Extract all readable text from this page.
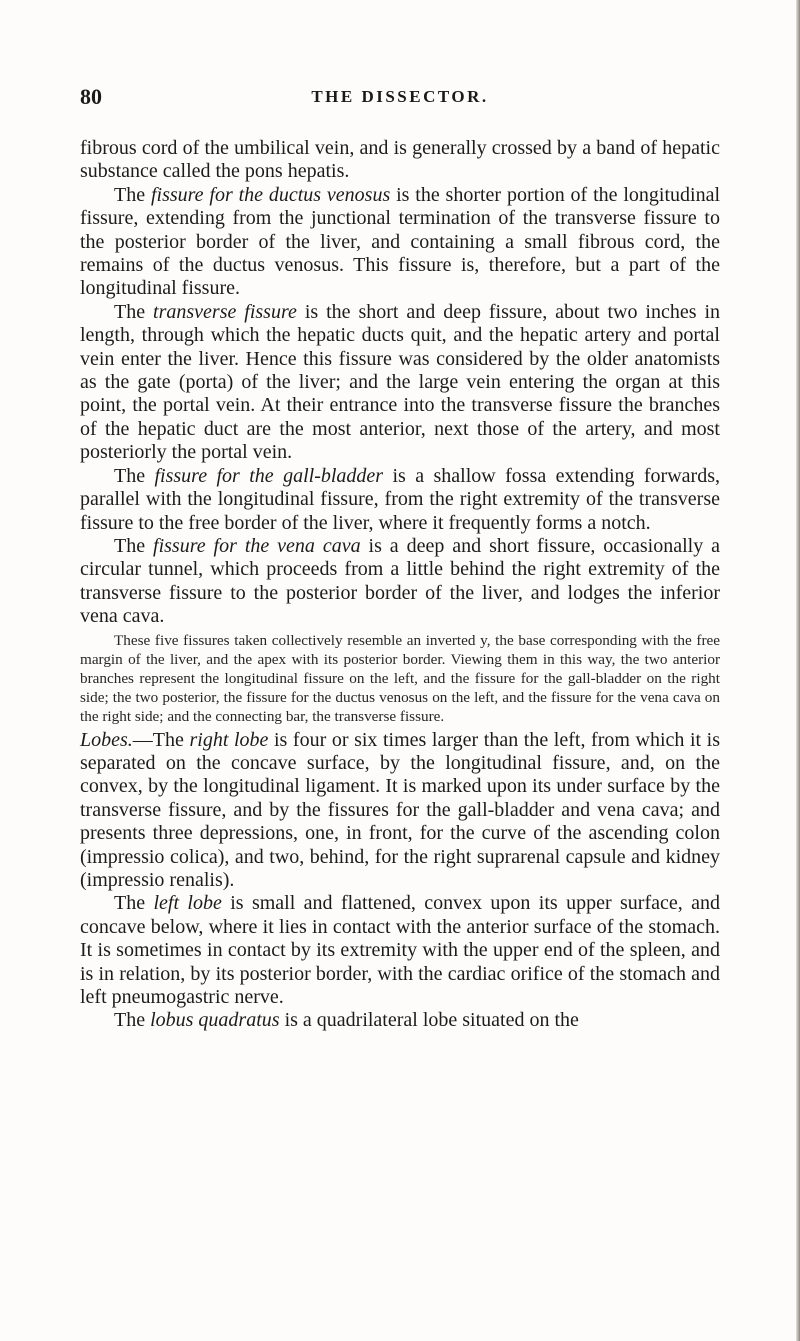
80	THE DISSECTOR.

fibrous cord of the umbilical vein, and is generally crossed by a band of hepatic substance called the pons hepatis.

The fissure for the ductus venosus is the shorter portion of the longitudinal fissure, extending from the junctional termination of the transverse fissure to the posterior border of the liver, and containing a small fibrous cord, the remains of the ductus venosus. This fissure is, therefore, but a part of the longitudinal fissure.

The transverse fissure is the short and deep fissure, about two inches in length, through which the hepatic ducts quit, and the hepatic artery and portal vein enter the liver. Hence this fissure was considered by the older anatomists as the gate (porta) of the liver; and the large vein entering the organ at this point, the portal vein. At their entrance into the transverse fissure the branches of the hepatic duct are the most anterior, next those of the artery, and most posteriorly the portal vein.

The fissure for the gall-bladder is a shallow fossa extending forwards, parallel with the longitudinal fissure, from the right extremity of the transverse fissure to the free border of the liver, where it frequently forms a notch.

The fissure for the vena cava is a deep and short fissure, occasionally a circular tunnel, which proceeds from a little behind the right extremity of the transverse fissure to the posterior border of the liver, and lodges the inferior vena cava.

These five fissures taken collectively resemble an inverted y, the base corresponding with the free margin of the liver, and the apex with its posterior border. Viewing them in this way, the two anterior branches represent the longitudinal fissure on the left, and the fissure for the gall-bladder on the right side; the two posterior, the fissure for the ductus venosus on the left, and the fissure for the vena cava on the right side; and the connecting bar, the transverse fissure.

Lobes.—The right lobe is four or six times larger than the left, from which it is separated on the concave surface, by the longitudinal fissure, and, on the convex, by the longitudinal ligament. It is marked upon its under surface by the transverse fissure, and by the fissures for the gall-bladder and vena cava; and presents three depressions, one, in front, for the curve of the ascending colon (impressio colica), and two, behind, for the right suprarenal capsule and kidney (impressio renalis).

The left lobe is small and flattened, convex upon its upper surface, and concave below, where it lies in contact with the anterior surface of the stomach. It is sometimes in contact by its extremity with the upper end of the spleen, and is in relation, by its posterior border, with the cardiac orifice of the stomach and left pneumogastric nerve.

The lobus quadratus is a quadrilateral lobe situated on the
